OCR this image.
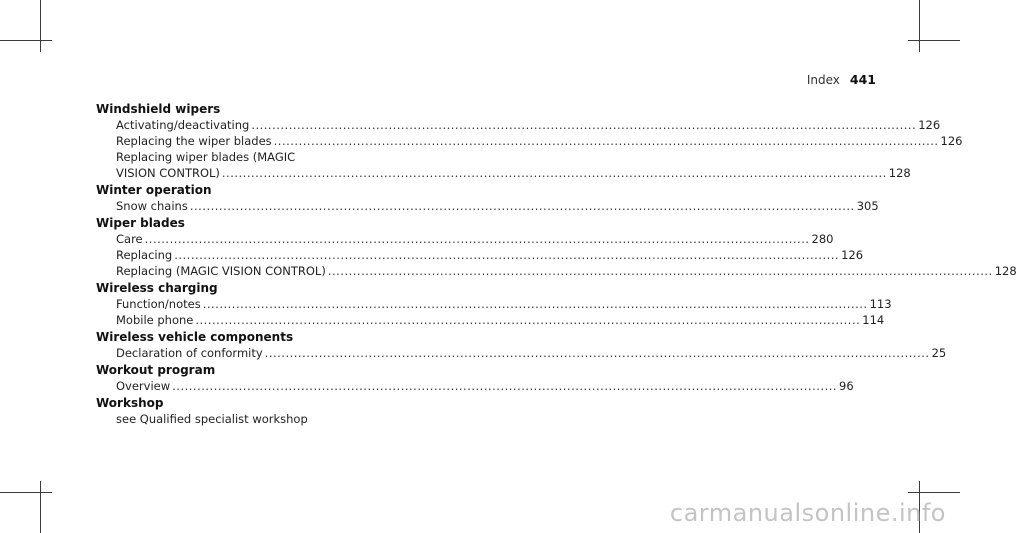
Index 441
Windshield wipers
Activating/deactivating .....	126
Replacing the wiper blades .....	126
Replacing wiper blades (MAGIC
VISION CONTROL) .....	128
Winter operation
Snow chains .....	305
Wiper blades
Care .....	280
Replacing .....	126
Replacing (MAGIC VISION CONTROL) .....	128
Wireless charging
Function/notes .....	113
Mobile phone .....	114
Wireless vehicle components
Declaration of conformity .....	25
Workout program
Overview .....	96
Workshop
see Qualified specialist workshop
carmanualsonline.info
